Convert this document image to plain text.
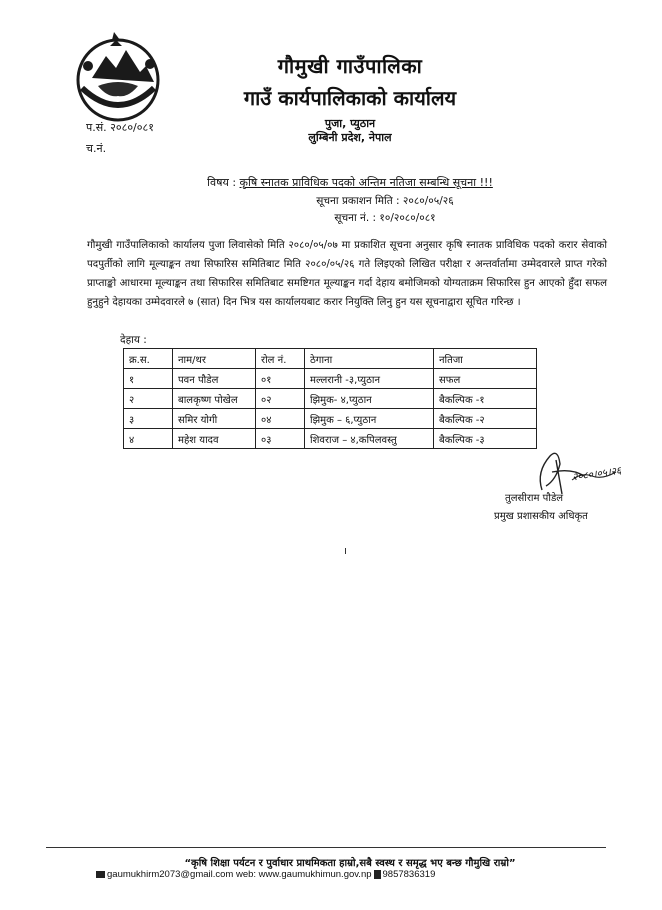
गौमुखी गाउँपालिका
गाउँ कार्यपालिकाको कार्यालय
पुजा, प्युठान
लुम्बिनी प्रदेश, नेपाल
प.सं. २०८०/०८१
च.नं.
विषय : कृषि स्नातक प्राविधिक पदको अन्तिम नतिजा सम्बन्धि सूचना !!!
सूचना प्रकाशन मिति : २०८०/०५/२६
सूचना नं. : १०/२०८०/०८१
गौमुखी गाउँपालिकाको कार्यालय पुजा लिवासेको मिति २०८०/०५/०७ मा प्रकाशित सूचना अनुसार कृषि स्नातक प्राविधिक पदको करार सेवाको पदपुर्तीको लागि मूल्याङ्कन तथा सिफारिस समितिबाट मिति २०८०/०५/२६ गते लिइएको लिखित परीक्षा र अन्तर्वार्तामा उम्मेदवारले प्राप्त गरेको प्राप्ताङ्को आधारमा मूल्याङ्कन तथा सिफारिस समितिबाट समष्टिगत मूल्याङ्कन गर्दा देहाय बमोजिमको योग्यताक्रम सिफारिस हुन आएको हुँदा सफल हुनुहुने देहायका उम्मेदवारले ७ (सात) दिन भित्र यस कार्यालयबाट करार नियुक्ति लिनु हुन यस सूचनाद्वारा सूचित गरिन्छ ।
देहाय :
क्र.स.	नाम/थर	रोल नं.	ठेगाना	नतिजा
१	पवन पौडेल	०१	मल्लरानी -३,प्युठान	सफल
२	बालकृष्ण पोखेल	०२	झिमुक- ४,प्युठान	बैकल्पिक -१
३	समिर योगी	०४	झिमुक – ६,प्युठान	बैकल्पिक -२
४	महेश यादव	०३	शिवराज – ४,कपिलवस्तु	बैकल्पिक -३
२०८०।०५।२६
तुलसीराम पौडेल
प्रमुख प्रशासकीय अधिकृत
“कृषि शिक्षा पर्यटन र पुर्वाधार प्राथमिकता हाम्रो,सबै स्वस्थ र समृद्ध भए बन्छ गौमुखि राम्रो”
gaumukhirm2073@gmail.com web: www.gaumukhimun.gov.np 9857836319
